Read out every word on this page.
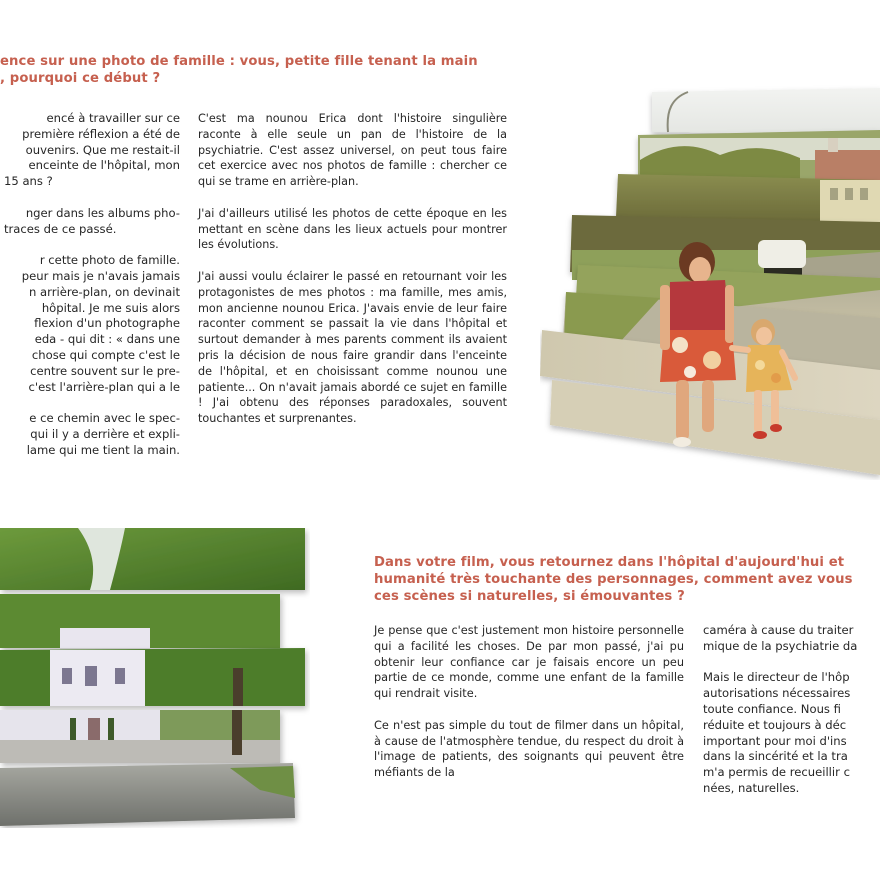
ence sur une photo de famille : vous, petite fille tenant la main
, pourquoi ce début ?

encé à travailler sur ce
première réflexion a été de
ouvenirs. Que me restait-il
enceinte de l'hôpital, mon
15 ans ?

nger dans les albums pho-
traces de ce passé.

r cette photo de famille.
peur mais je n'avais jamais
n arrière-plan, on devinait
hôpital. Je me suis alors
flexion d'un photographe
eda - qui dit : « dans une
chose qui compte c'est le
centre souvent sur le pre-
c'est l'arrière-plan qui a le

e ce chemin avec le spec-
qui il y a derrière et expli-
lame qui me tient la main.

C'est ma nounou Erica dont l'histoire singulière raconte à elle seule un pan de l'histoire de la psychiatrie. C'est assez universel, on peut tous faire cet exercice avec nos photos de famille : chercher ce qui se trame en arrière-plan.

J'ai d'ailleurs utilisé les photos de cette époque en les mettant en scène dans les lieux actuels pour montrer les évolutions.

J'ai aussi voulu éclairer le passé en retournant voir les protagonistes de mes photos : ma famille, mes amis, mon ancienne nounou Erica. J'avais envie de leur faire raconter comment se passait la vie dans l'hôpital et surtout demander à mes parents comment ils avaient pris la décision de nous faire grandir dans l'enceinte de l'hôpital, et en choisissant comme nounou une patiente... On n'avait jamais abordé ce sujet en famille ! J'ai obtenu des réponses paradoxales, souvent touchantes et surprenantes.

Dans votre film, vous retournez dans l'hôpital d'aujourd'hui et
humanité très touchante des personnages, comment avez vous
ces scènes si naturelles, si émouvantes ?

Je pense que c'est justement mon histoire personnelle qui a facilité les choses. De par mon passé, j'ai pu obtenir leur confiance car je faisais encore un peu partie de ce monde, comme une enfant de la famille qui rendrait visite.

Ce n'est pas simple du tout de filmer dans un hôpital, à cause de l'atmosphère tendue, du respect du droit à l'image de patients, des soignants qui peuvent être méfiants de la

caméra à cause du traiter
mique de la psychiatrie da

Mais le directeur de l'hôp
autorisations nécessaires
toute confiance. Nous fi
réduite et toujours à déc
important pour moi d'ins
dans la sincérité et la tra
m'a permis de recueillir c
nées, naturelles.
